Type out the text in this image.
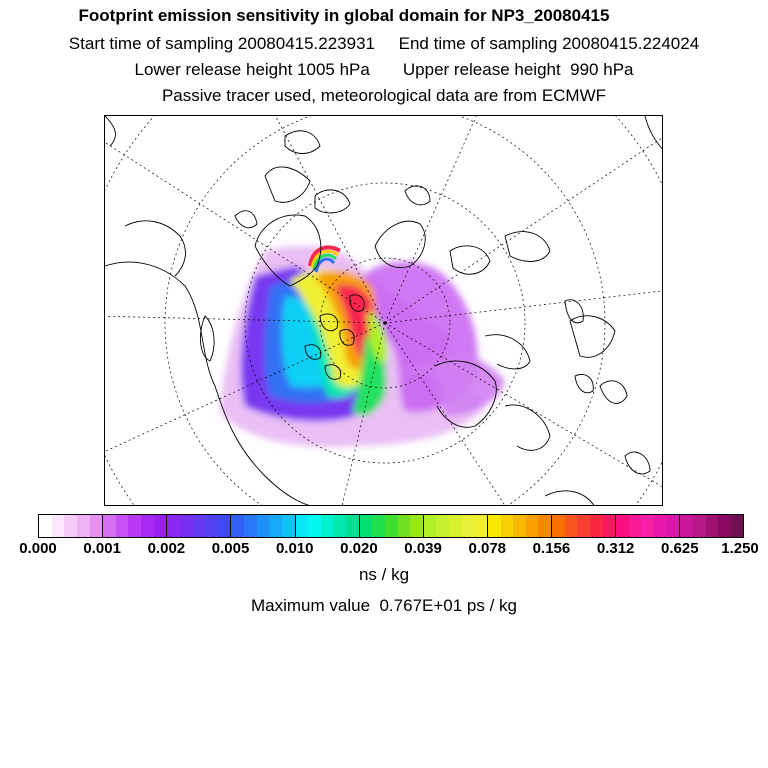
Footprint emission sensitivity in global domain for NP3_20080415
Start time of sampling 20080415.223931     End time of sampling 20080415.224024
Lower release height 1005 hPa       Upper release height  990 hPa
Passive tracer used, meteorological data are from ECMWF
0.000 0.001 0.002 0.005 0.010 0.020 0.039 0.078 0.156 0.312 0.625 1.250
ns / kg
Maximum value  0.767E+01 ps / kg
